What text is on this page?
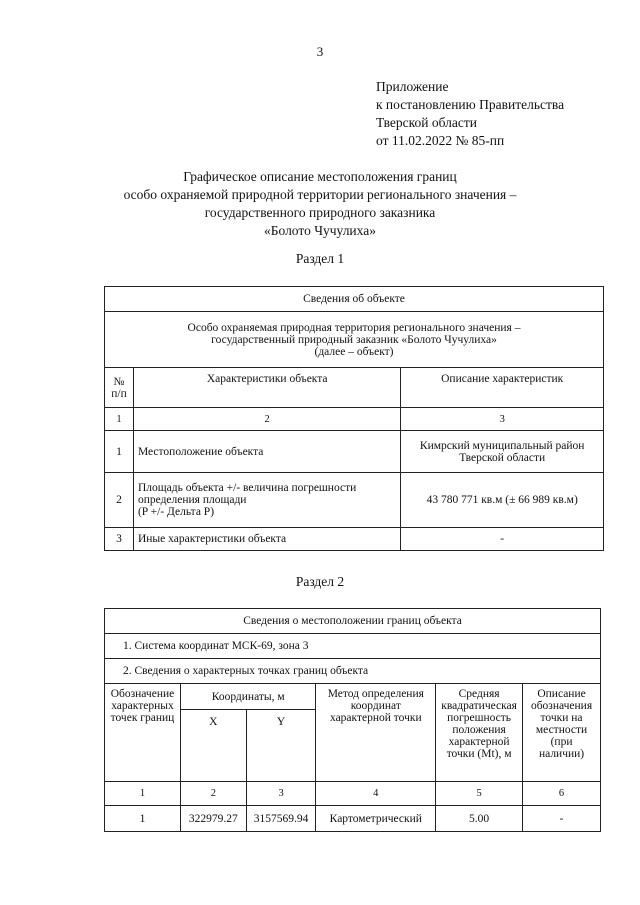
3
Приложение
к постановлению Правительства
Тверской области
от 11.02.2022 № 85-пп
Графическое описание местоположения границ
особо охраняемой природной территории регионального значения –
государственного природного заказника
«Болото Чучулиха»
Раздел 1
Сведения об объекте		

Особо охраняемая природная территория регионального значения –
государственный природный заказник «Болото Чучулиха»
(далее – объект)		

№ п/п	Характеристики объекта	Описание характеристик
1	2	3
1	Местоположение объекта	Кимрский муниципальный район
Тверской области

2	Площадь объекта +/- величина погрешности
определения площади
(P +/- Дельта P)	43 780 771 кв.м (± 66 989 кв.м)
3	Иные характеристики объекта	-
Раздел 2
Сведения о местоположении границ объекта					
1. Система координат МСК-69, зона 3					
2. Сведения о характерных точках границ объекта					
Обозначение характерных точек границ	Координаты, м		Метод определения координат характерной точки	Средняя квадратическая погрешность положения характерной точки (Mt), м	Описание обозначения точки на местности (при наличии)
	X	Y			
1	2	3	4	5	6
1	322979.27	3157569.94	Картометрический	5.00	-
